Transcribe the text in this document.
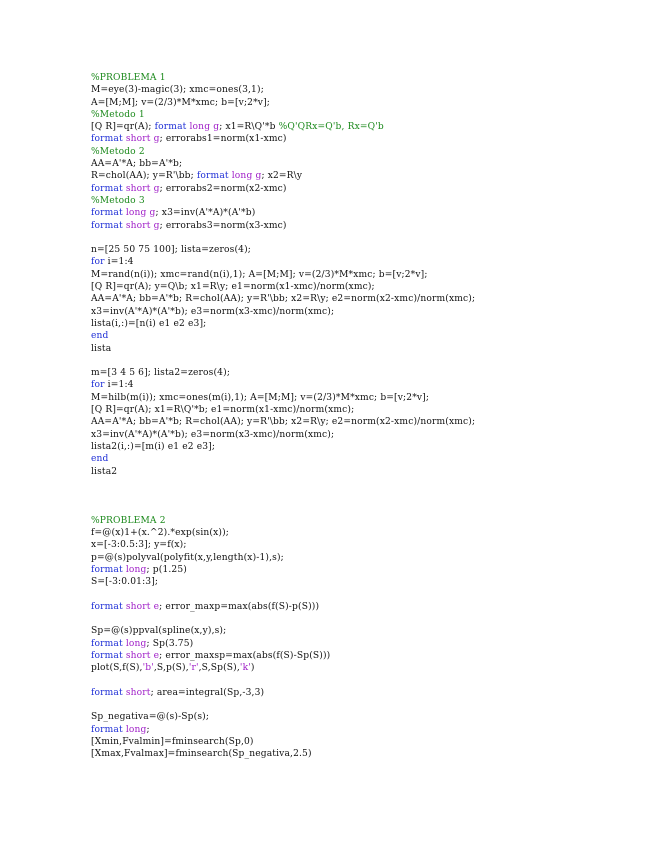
%PROBLEMA 1
M=eye(3)-magic(3); xmc=ones(3,1);
A=[M;M]; v=(2/3)*M*xmc; b=[v;2*v];
%Metodo 1
[Q R]=qr(A); format long g; x1=R\Q'*b %Q'QRx=Q'b, Rx=Q'b
format short g; errorabs1=norm(x1-xmc)
%Metodo 2
AA=A'*A; bb=A'*b;
R=chol(AA); y=R'\bb; format long g; x2=R\y
format short g; errorabs2=norm(x2-xmc)
%Metodo 3
format long g; x3=inv(A'*A)*(A'*b)
format short g; errorabs3=norm(x3-xmc)
n=[25 50 75 100]; lista=zeros(4);
for i=1:4
M=rand(n(i)); xmc=rand(n(i),1); A=[M;M]; v=(2/3)*M*xmc; b=[v;2*v];
[Q R]=qr(A); y=Q\b; x1=R\y; e1=norm(x1-xmc)/norm(xmc);
AA=A'*A; bb=A'*b; R=chol(AA); y=R'\bb; x2=R\y; e2=norm(x2-xmc)/norm(xmc);
x3=inv(A'*A)*(A'*b); e3=norm(x3-xmc)/norm(xmc);
lista(i,:)=[n(i) e1 e2 e3];
end
lista
m=[3 4 5 6]; lista2=zeros(4);
for i=1:4
M=hilb(m(i)); xmc=ones(m(i),1); A=[M;M]; v=(2/3)*M*xmc; b=[v;2*v];
[Q R]=qr(A); x1=R\Q'*b; e1=norm(x1-xmc)/norm(xmc);
AA=A'*A; bb=A'*b; R=chol(AA); y=R'\bb; x2=R\y; e2=norm(x2-xmc)/norm(xmc);
x3=inv(A'*A)*(A'*b); e3=norm(x3-xmc)/norm(xmc);
lista2(i,:)=[m(i) e1 e2 e3];
end
lista2
%PROBLEMA 2
f=@(x)1+(x.^2).*exp(sin(x));
x=[-3:0.5:3]; y=f(x);
p=@(s)polyval(polyfit(x,y,length(x)-1),s);
format long; p(1.25)
S=[-3:0.01:3];
format short e; error_maxp=max(abs(f(S)-p(S)))
Sp=@(s)ppval(spline(x,y),s);
format long; Sp(3.75)
format short e; error_maxsp=max(abs(f(S)-Sp(S)))
plot(S,f(S),'b',S,p(S),'r',S,Sp(S),'k')
format short; area=integral(Sp,-3,3)
Sp_negativa=@(s)-Sp(s);
format long;
[Xmin,Fvalmin]=fminsearch(Sp,0)
[Xmax,Fvalmax]=fminsearch(Sp_negativa,2.5)
